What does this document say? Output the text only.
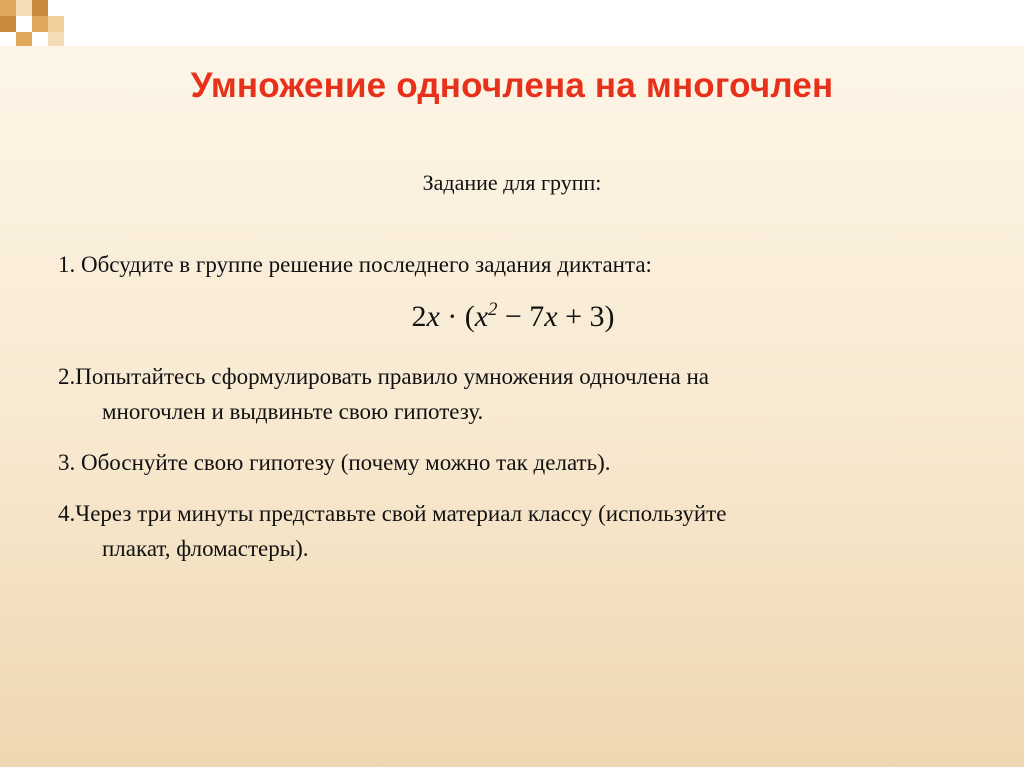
Умножение одночлена на многочлен
Задание для групп:
1. Обсудите в группе решение последнего задания диктанта:
$2x \cdot (x^2 - 7x + 3)$
2.Попытайтесь сформулировать правило умножения одночлена на
многочлен и выдвиньте свою гипотезу.
3. Обоснуйте свою гипотезу (почему можно так делать).
4.Через три минуты представьте свой материал классу (используйте
плакат, фломастеры).
